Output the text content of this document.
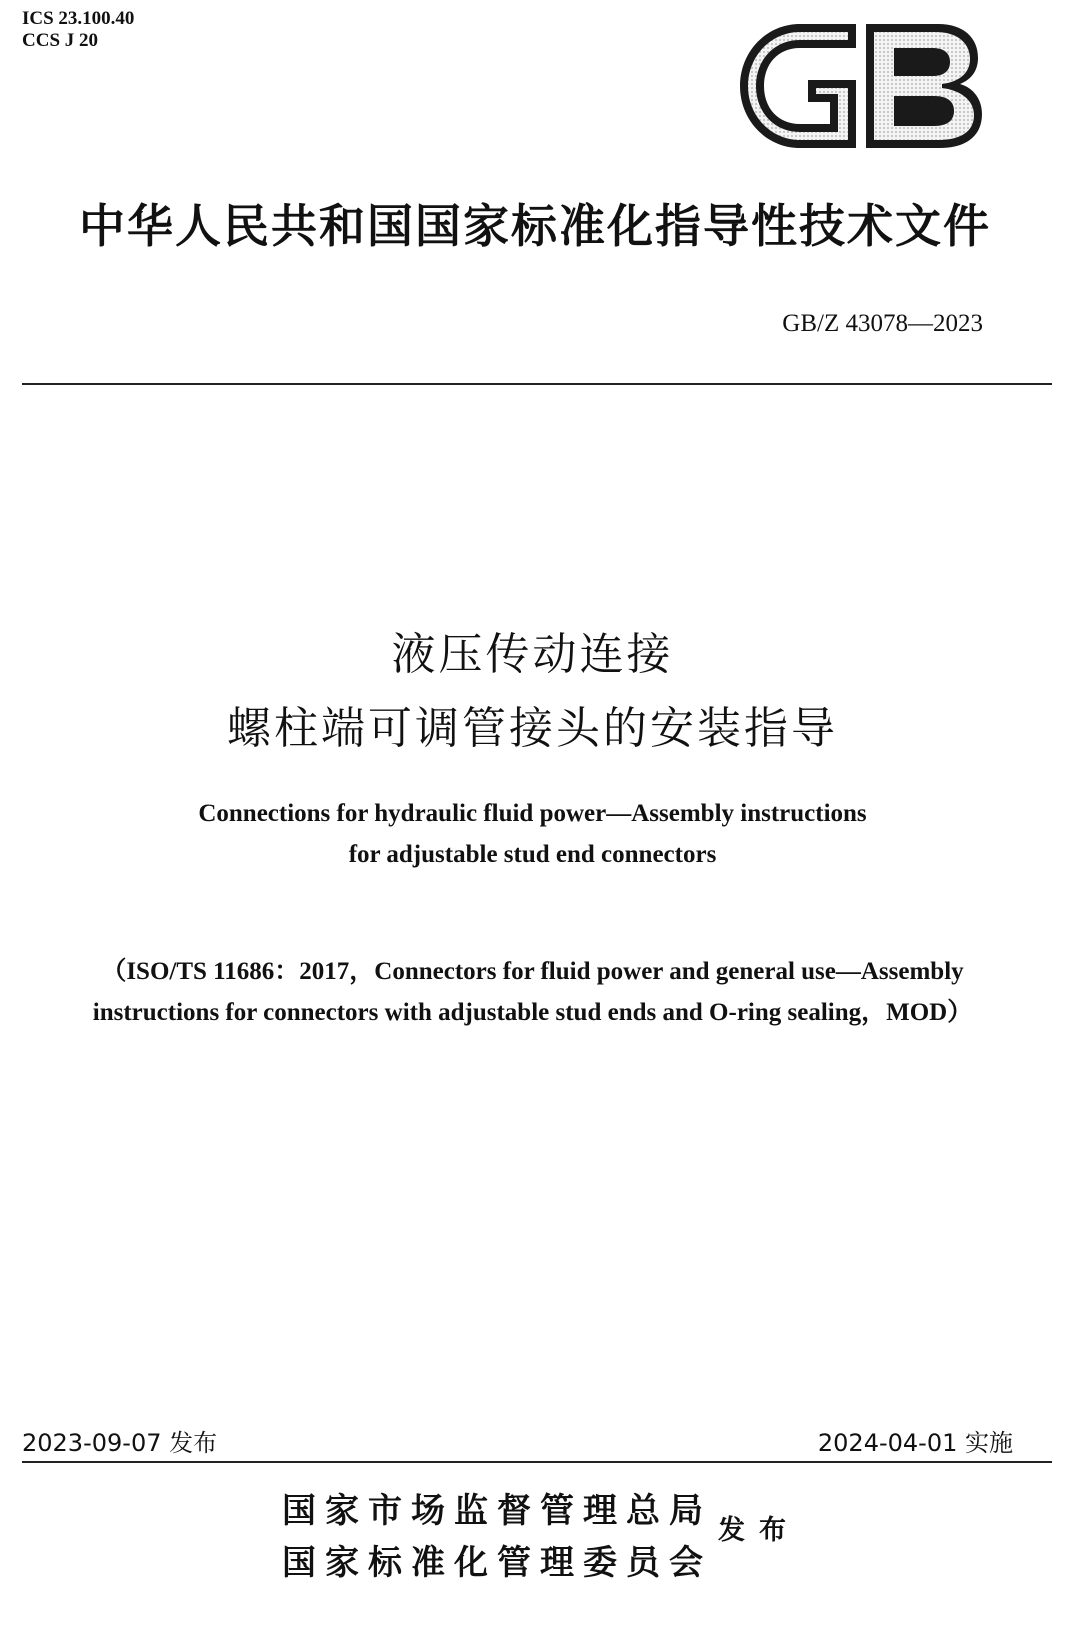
ICS 23.100.40
CCS J 20
中华人民共和国国家标准化指导性技术文件
GB/Z 43078—2023
液压传动连接
螺柱端可调管接头的安装指导
Connections for hydraulic fluid power—Assembly instructions
for adjustable stud end connectors
（ISO/TS 11686：2017，Connectors for fluid power and general use—Assembly
instructions for connectors with adjustable stud ends and O-ring sealing，MOD）
2023-09-07 发布	2024-04-01 实施
国家市场监督管理总局
国家标准化管理委员会
发布
